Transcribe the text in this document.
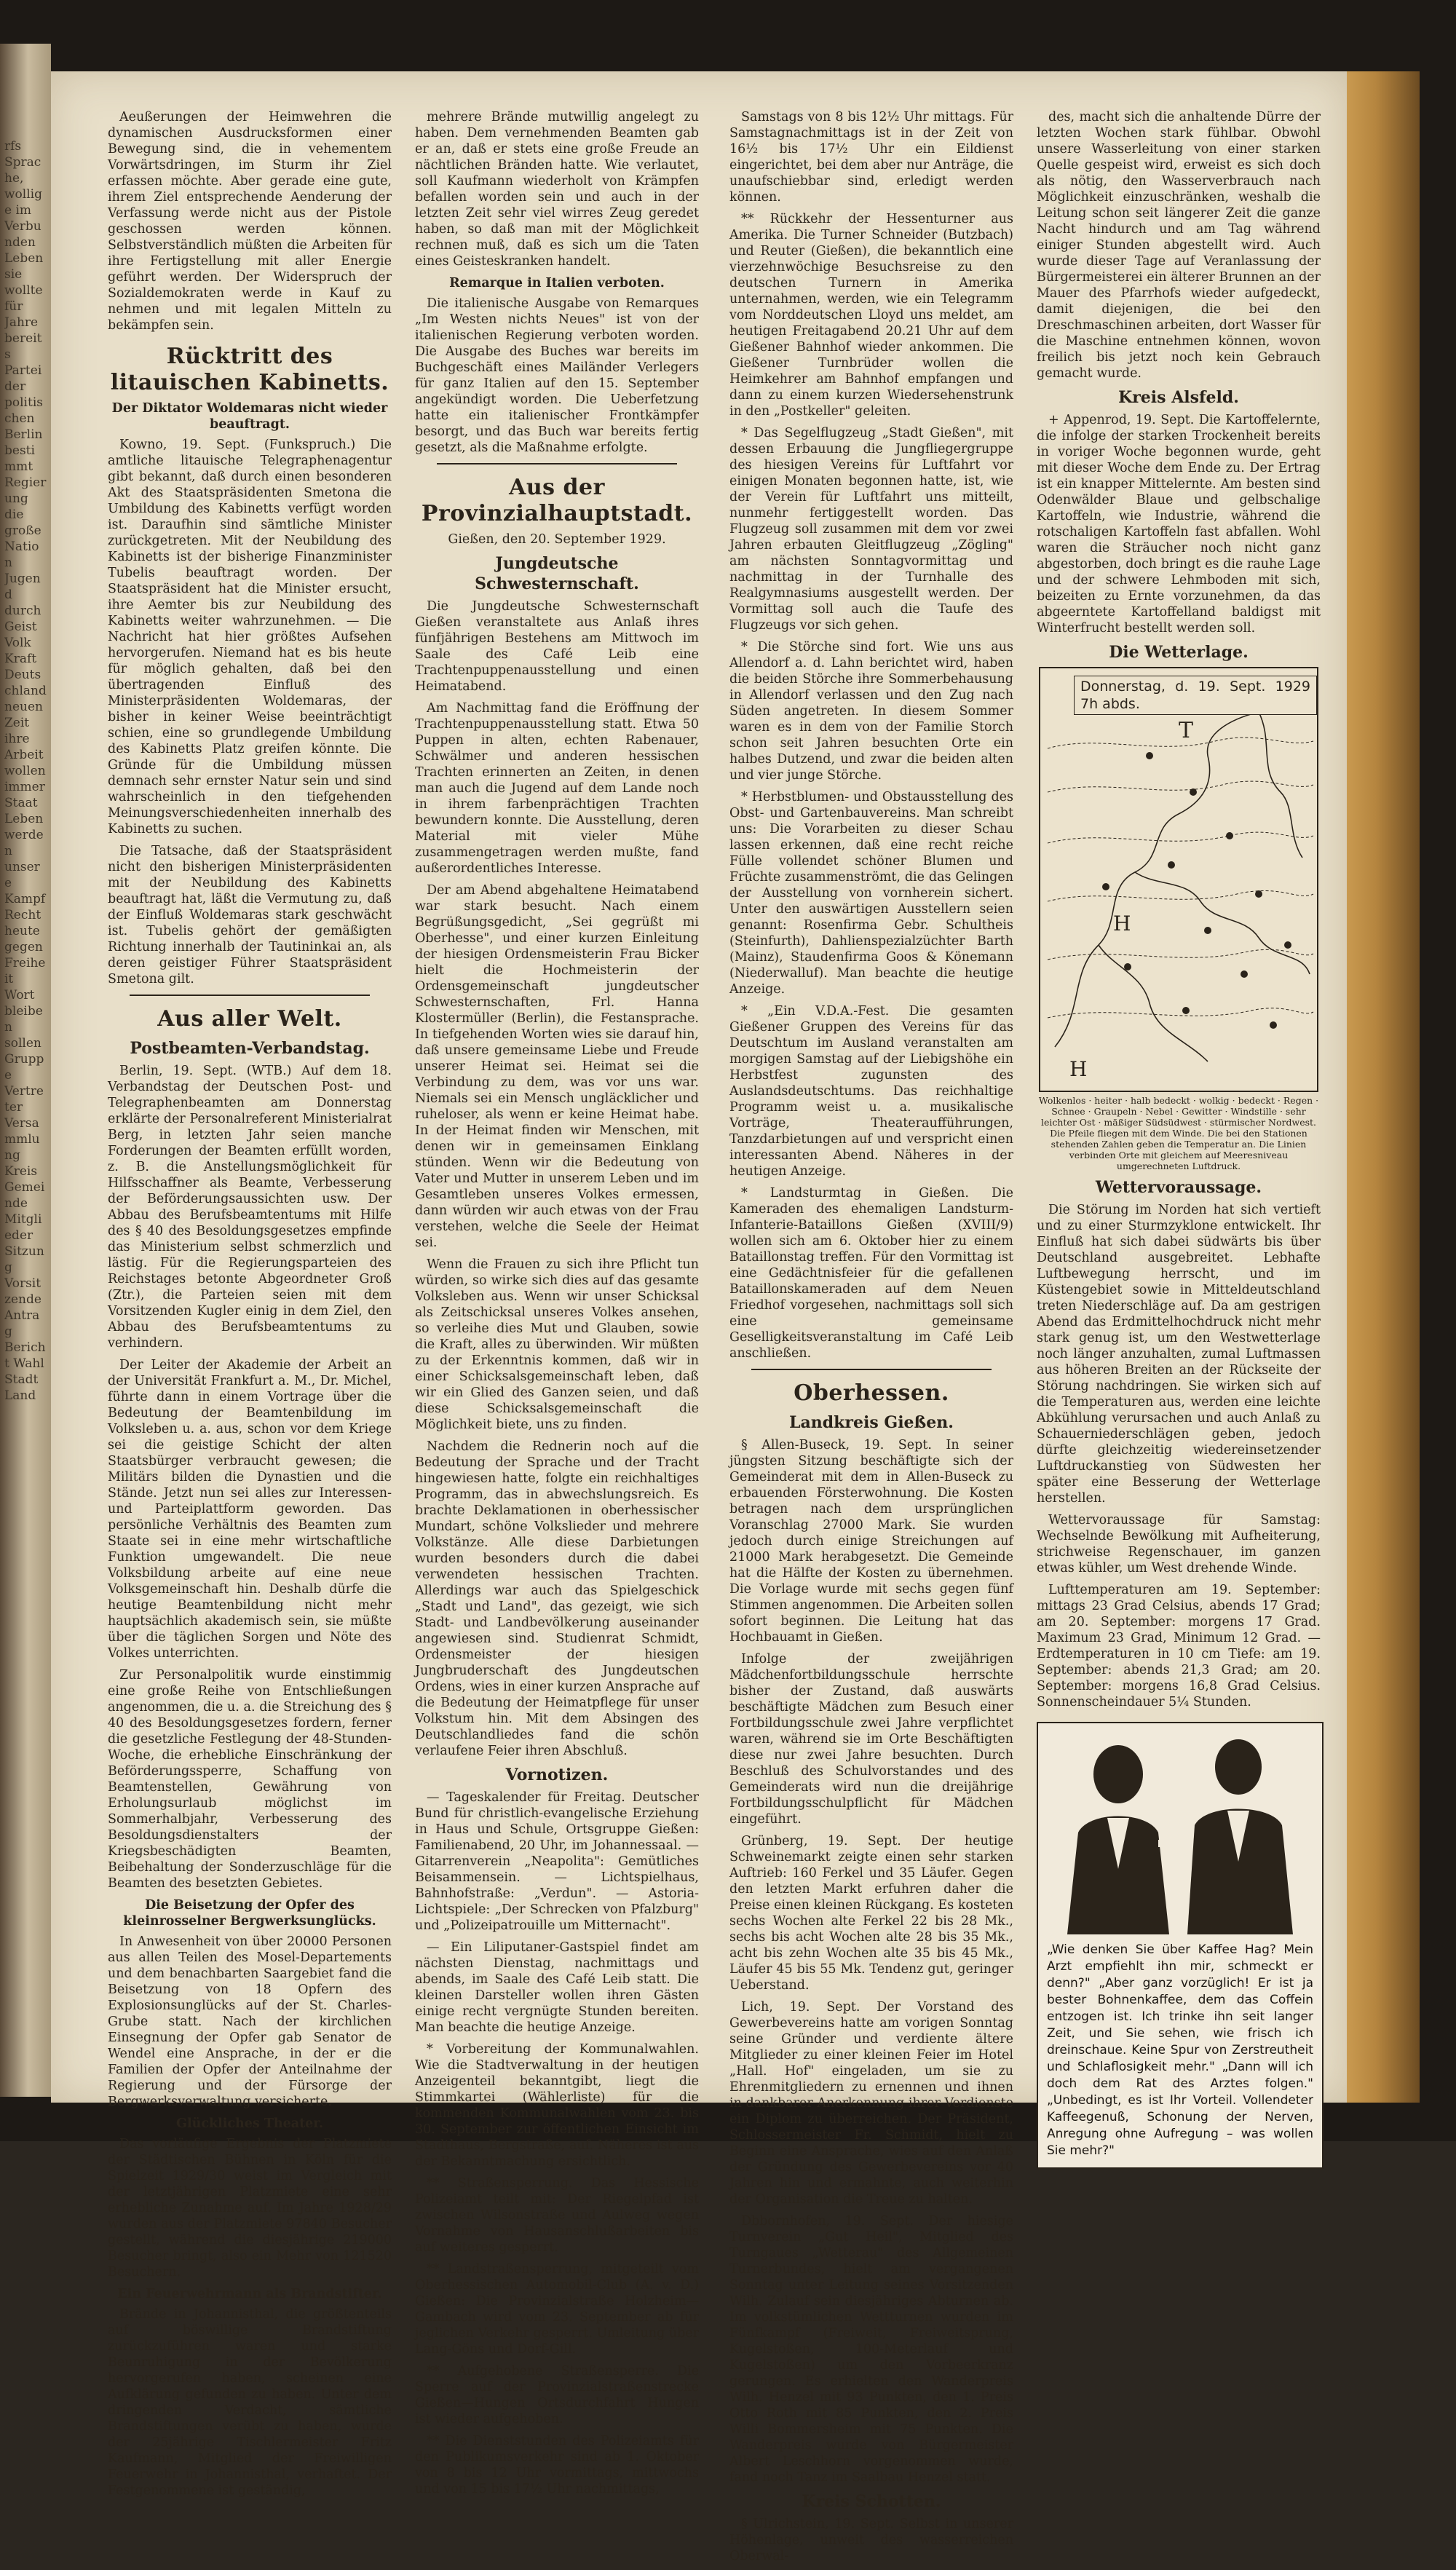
rfs Sprache, wollige im Verbunden Leben sie wollte für Jahre bereits Partei der politischen Berlin bestimmt Regierung die große Nation Jugend durch Geist Volk Kraft Deutschland neuen Zeit ihre Arbeit wollen immer Staat Leben werden unsere Kampf Recht heute gegen Freiheit Wort bleiben sollen Gruppe Vertreter Versammlung Kreis Gemeinde Mitglieder Sitzung Vorsitzende Antrag Bericht Wahl Stadt Land

Aeußerungen der Heimwehren die dynamischen Ausdrucksformen einer Bewegung sind, die in vehementem Vorwärtsdringen, im Sturm ihr Ziel erfassen möchte. Aber gerade eine gute, ihrem Ziel entsprechende Aenderung der Verfassung werde nicht aus der Pistole geschossen werden können. Selbstverständlich müßten die Arbeiten für ihre Fertigstellung mit aller Energie geführt werden. Der Widerspruch der Sozialdemokraten werde in Kauf zu nehmen und mit legalen Mitteln zu bekämpfen sein.

Rücktritt des litauischen Kabinetts.
Der Diktator Woldemaras nicht wieder beauftragt.

Kowno, 19. Sept. (Funkspruch.) Die amtliche litauische Telegraphenagentur gibt bekannt, daß durch einen besonderen Akt des Staatspräsidenten Smetona die Umbildung des Kabinetts verfügt worden ist. Daraufhin sind sämtliche Minister zurückgetreten. Mit der Neubildung des Kabinetts ist der bisherige Finanzminister Tubelis beauftragt worden. Der Staatspräsident hat die Minister ersucht, ihre Aemter bis zur Neubildung des Kabinetts weiter wahrzunehmen. — Die Nachricht hat hier größtes Aufsehen hervorgerufen. Niemand hat es bis heute für möglich gehalten, daß bei den übertragenden Einfluß des Ministerpräsidenten Woldemaras, der bisher in keiner Weise beeinträchtigt schien, eine so grundlegende Umbildung des Kabinetts Platz greifen könnte. Die Gründe für die Umbildung müssen demnach sehr ernster Natur sein und sind wahrscheinlich in den tiefgehenden Meinungsverschiedenheiten innerhalb des Kabinetts zu suchen.

Die Tatsache, daß der Staatspräsident nicht den bisherigen Ministerpräsidenten mit der Neubildung des Kabinetts beauftragt hat, läßt die Vermutung zu, daß der Einfluß Woldemaras stark geschwächt ist. Tubelis gehört der gemäßigten Richtung innerhalb der Tautininkai an, als deren geistiger Führer Staatspräsident Smetona gilt.

Aus aller Welt.
Postbeamten-Verbandstag.

Berlin, 19. Sept. (WTB.) Auf dem 18. Verbandstag der Deutschen Post- und Telegraphenbeamten am Donnerstag erklärte der Personalreferent Ministerialrat Berg, in letzten Jahr seien manche Forderungen der Beamten erfüllt worden, z. B. die Anstellungsmöglichkeit für Hilfsschaffner als Beamte, Verbesserung der Beförderungsaussichten usw. Der Abbau des Berufsbeamtentums mit Hilfe des § 40 des Besoldungsgesetzes empfinde das Ministerium selbst schmerzlich und lästig. Für die Regierungsparteien des Reichstages betonte Abgeordneter Groß (Ztr.), die Parteien seien mit dem Vorsitzenden Kugler einig in dem Ziel, den Abbau des Berufsbeamtentums zu verhindern.

Der Leiter der Akademie der Arbeit an der Universität Frankfurt a. M., Dr. Michel, führte dann in einem Vortrage über die Bedeutung der Beamtenbildung im Volksleben u. a. aus, schon vor dem Kriege sei die geistige Schicht der alten Staatsbürger verbraucht gewesen; die Militärs bilden die Dynastien und die Stände. Jetzt nun sei alles zur Interessen- und Parteiplattform geworden. Das persönliche Verhältnis des Beamten zum Staate sei in eine mehr wirtschaftliche Funktion umgewandelt. Die neue Volksbildung arbeite auf eine neue Volksgemeinschaft hin. Deshalb dürfe die heutige Beamtenbildung nicht mehr hauptsächlich akademisch sein, sie müßte über die täglichen Sorgen und Nöte des Volkes unterrichten.

Zur Personalpolitik wurde einstimmig eine große Reihe von Entschließungen angenommen, die u. a. die Streichung des § 40 des Besoldungsgesetzes fordern, ferner die gesetzliche Festlegung der 48-Stunden-Woche, die erhebliche Einschränkung der Beförderungssperre, Schaffung von Beamtenstellen, Gewährung von Erholungsurlaub möglichst im Sommerhalbjahr, Verbesserung des Besoldungsdienstalters der Kriegsbeschädigten Beamten, Beibehaltung der Sonderzuschläge für die Beamten des besetzten Gebietes.

Die Beisetzung der Opfer des kleinrosselner Bergwerksunglücks.

In Anwesenheit von über 20000 Personen aus allen Teilen des Mosel-Departements und dem benachbarten Saargebiet fand die Beisetzung von 18 Opfern des Explosionsunglücks auf der St. Charles-Grube statt. Nach der kirchlichen Einsegnung der Opfer gab Senator de Wendel eine Ansprache, in der er die Familien der Opfer der Anteilnahme der Regierung und der Fürsorge der Bergwerksverwaltung versicherte.

Glückliches Theater.

Das vorläufige Ergebnis der Platzmiete der Städtischen Bühnen in Köln für die Spielzeit 1929/30 weist im Vergleich mit der letztjährigen Platzmiete eine sehr erhebliche Zunahme auf. Im Jahre 1928/29 wurden aus der Platzmiete 97840 Besucher gestellt, während die diesjährige 219000 Besucher bringt, also ein Mehr von 121520 Besuchern.

Ein Feuerwehrmann als Brandstifter.

Brände in Johannisthal, die größtenteils auf böswillige Brandstiftung zurückzuführen waren und starke Beunruhigung in der Bevölkerung hervorgerufen haben, scheinen eine Aufklärung gefunden zu haben. Unter dem dringenden Verdacht, sämtliche Brandstiftungen verübt zu haben, wurde der 25jährige Tischlermeister Fritz Kaufmann, Mitglied der Freiwilligen Feuerwehr in Johannisthal, verhaftet. Der Festgenommene ist geständig,

mehrere Brände mutwillig angelegt zu haben. Dem vernehmenden Beamten gab er an, daß er stets eine große Freude an nächtlichen Bränden hatte. Wie verlautet, soll Kaufmann wiederholt von Krämpfen befallen worden sein und auch in der letzten Zeit sehr viel wirres Zeug geredet haben, so daß man mit der Möglichkeit rechnen muß, daß es sich um die Taten eines Geisteskranken handelt.

Remarque in Italien verboten.

Die italienische Ausgabe von Remarques „Im Westen nichts Neues" ist von der italienischen Regierung verboten worden. Die Ausgabe des Buches war bereits im Buchgeschäft eines Mailänder Verlegers für ganz Italien auf den 15. September angekündigt worden. Die Ueberfetzung hatte ein italienischer Frontkämpfer besorgt, und das Buch war bereits fertig gesetzt, als die Maßnahme erfolgte.

Aus der Provinzialhauptstadt.
Gießen, den 20. September 1929.
Jungdeutsche Schwesternschaft.

Die Jungdeutsche Schwesternschaft Gießen veranstaltete aus Anlaß ihres fünfjährigen Bestehens am Mittwoch im Saale des Café Leib eine Trachtenpuppenausstellung und einen Heimatabend.

Am Nachmittag fand die Eröffnung der Trachtenpuppenausstellung statt. Etwa 50 Puppen in alten, echten Rabenauer, Schwälmer und anderen hessischen Trachten erinnerten an Zeiten, in denen man auch die Jugend auf dem Lande noch in ihrem farbenprächtigen Trachten bewundern konnte. Die Ausstellung, deren Material mit vieler Mühe zusammengetragen werden mußte, fand außerordentliches Interesse.

Der am Abend abgehaltene Heimatabend war stark besucht. Nach einem Begrüßungsgedicht, „Sei gegrüßt mi Oberhesse", und einer kurzen Einleitung der hiesigen Ordensmeisterin Frau Bicker hielt die Hochmeisterin der Ordensgemeinschaft jungdeutscher Schwesternschaften, Frl. Hanna Klostermüller (Berlin), die Festansprache. In tiefgehenden Worten wies sie darauf hin, daß unsere gemeinsame Liebe und Freude unserer Heimat sei. Heimat sei die Verbindung zu dem, was vor uns war. Niemals sei ein Mensch ungläcklicher und ruheloser, als wenn er keine Heimat habe. In der Heimat finden wir Menschen, mit denen wir in gemeinsamen Einklang stünden. Wenn wir die Bedeutung von Vater und Mutter in unserem Leben und im Gesamtleben unseres Volkes ermessen, dann würden wir auch etwas von der Frau verstehen, welche die Seele der Heimat sei.

Wenn die Frauen zu sich ihre Pflicht tun würden, so wirke sich dies auf das gesamte Volksleben aus. Wenn wir unser Schicksal als Zeitschicksal unseres Volkes ansehen, so verleihe dies Mut und Glauben, sowie die Kraft, alles zu überwinden. Wir müßten zu der Erkenntnis kommen, daß wir in einer Schicksalsgemeinschaft leben, daß wir ein Glied des Ganzen seien, und daß diese Schicksalsgemeinschaft die Möglichkeit biete, uns zu finden.

Nachdem die Rednerin noch auf die Bedeutung der Sprache und der Tracht hingewiesen hatte, folgte ein reichhaltiges Programm, das in abwechslungsreich. Es brachte Deklamationen in oberhessischer Mundart, schöne Volkslieder und mehrere Volkstänze. Alle diese Darbietungen wurden besonders durch die dabei verwendeten hessischen Trachten. Allerdings war auch das Spielgeschick „Stadt und Land", das gezeigt, wie sich Stadt- und Landbevölkerung auseinander angewiesen sind. Studienrat Schmidt, Ordensmeister der hiesigen Jungbruderschaft des Jungdeutschen Ordens, wies in einer kurzen Ansprache auf die Bedeutung der Heimatpflege für unser Volkstum hin. Mit dem Absingen des Deutschlandliedes fand die schön verlaufene Feier ihren Abschluß.

Vornotizen.

— Tageskalender für Freitag. Deutscher Bund für christlich-evangelische Erziehung in Haus und Schule, Ortsgruppe Gießen: Familienabend, 20 Uhr, im Johannessaal. — Gitarrenverein „Neapolita": Gemütliches Beisammensein. — Lichtspielhaus, Bahnhofstraße: „Verdun". — Astoria-Lichtspiele: „Der Schrecken von Pfalzburg" und „Polizeipatrouille um Mitternacht".

— Ein Liliputaner-Gastspiel findet am nächsten Dienstag, nachmittags und abends, im Saale des Café Leib statt. Die kleinen Darsteller wollen ihren Gästen einige recht vergnügte Stunden bereiten. Man beachte die heutige Anzeige.

* Vorbereitung der Kommunalwahlen. Wie die Stadtverwaltung in der heutigen Anzeigenteil bekanntgibt, liegt die Stimmkartei (Wählerliste) für die kommenden Kommunalwahlen vom 23. bis 30. September zur öffentlichen Einsicht im Stadthaus, Bergstraße, auf. Näheres ist aus der Bekanntmachung ersichtlich.

** Straßensperrung. Das Hessische Polizeiamt teilt mit: Der Riegelpfad ist zwischen Wilsonstraße und Aulweg wegen Vornahme von Hausanschlußarbeiten bis auf weiteres gesperrt.

** Landstraßensperrung, mitgeteilt vom Oberhessischen Automobil-Club (A. v. D.) Gießen: Die Provinzialstraße Holzheim—Gambach wird vom 23. September ab für jeglichen Verkehr gesperrt. Umleitung über Lang-Göns und Dorf-Gill.

** Aufgehobene Straßensperre. Die Sperre auf der Provinzialstraßenstrecke Gießen—Hungen Ortsdurchfahrt Hungen ist wieder aufgehoben.

** Die Dienststunden des Polizeiamts für den Publikumsverkehr sind ab 1. Oktober von 8 bis 12 Uhr vormittags, mittwochs und von 15 bis 17½ Uhr nachmittags,

Samstags von 8 bis 12½ Uhr mittags. Für Samstagnachmittags ist in der Zeit von 16½ bis 17½ Uhr ein Eildienst eingerichtet, bei dem aber nur Anträge, die unaufschiebbar sind, erledigt werden können.

** Rückkehr der Hessenturner aus Amerika. Die Turner Schneider (Butzbach) und Reuter (Gießen), die bekanntlich eine vierzehnwöchige Besuchsreise zu den deutschen Turnern in Amerika unternahmen, werden, wie ein Telegramm vom Norddeutschen Lloyd uns meldet, am heutigen Freitagabend 20.21 Uhr auf dem Gießener Bahnhof wieder ankommen. Die Gießener Turnbrüder wollen die Heimkehrer am Bahnhof empfangen und dann zu einem kurzen Wiedersehenstrunk in den „Postkeller" geleiten.

* Das Segelflugzeug „Stadt Gießen", mit dessen Erbauung die Jungfliegergruppe des hiesigen Vereins für Luftfahrt vor einigen Monaten begonnen hatte, ist, wie der Verein für Luftfahrt uns mitteilt, nunmehr fertiggestellt worden. Das Flugzeug soll zusammen mit dem vor zwei Jahren erbauten Gleitflugzeug „Zögling" am nächsten Sonntagvormittag und nachmittag in der Turnhalle des Realgymnasiums ausgestellt werden. Der Vormittag soll auch die Taufe des Flugzeugs vor sich gehen.

* Die Störche sind fort. Wie uns aus Allendorf a. d. Lahn berichtet wird, haben die beiden Störche ihre Sommerbehausung in Allendorf verlassen und den Zug nach Süden angetreten. In diesem Sommer waren es in dem von der Familie Storch schon seit Jahren besuchten Orte ein halbes Dutzend, und zwar die beiden alten und vier junge Störche.

* Herbstblumen- und Obstausstellung des Obst- und Gartenbauvereins. Man schreibt uns: Die Vorarbeiten zu dieser Schau lassen erkennen, daß eine recht reiche Fülle vollendet schöner Blumen und Früchte zusammenströmt, die das Gelingen der Ausstellung von vornherein sichert. Unter den auswärtigen Ausstellern seien genannt: Rosenfirma Gebr. Schultheis (Steinfurth), Dahlienspezialzüchter Barth (Mainz), Staudenfirma Goos & Könemann (Niederwalluf). Man beachte die heutige Anzeige.

* „Ein V.D.A.-Fest. Die gesamten Gießener Gruppen des Vereins für das Deutschtum im Ausland veranstalten am morgigen Samstag auf der Liebigshöhe ein Herbstfest zugunsten des Auslandsdeutschtums. Das reichhaltige Programm weist u. a. musikalische Vorträge, Theateraufführungen, Tanzdarbietungen auf und verspricht einen interessanten Abend. Näheres in der heutigen Anzeige.

* Landsturmtag in Gießen. Die Kameraden des ehemaligen Landsturm-Infanterie-Bataillons Gießen (XVIII/9) wollen sich am 6. Oktober hier zu einem Bataillonstag treffen. Für den Vormittag ist eine Gedächtnisfeier für die gefallenen Bataillonskameraden auf dem Neuen Friedhof vorgesehen, nachmittags soll sich eine gemeinsame Geselligkeitsveranstaltung im Café Leib anschließen.

Oberhessen.
Landkreis Gießen.

§ Allen-Buseck, 19. Sept. In seiner jüngsten Sitzung beschäftigte sich der Gemeinderat mit dem in Allen-Buseck zu erbauenden Försterwohnung. Die Kosten betragen nach dem ursprünglichen Voranschlag 27000 Mark. Sie wurden jedoch durch einige Streichungen auf 21000 Mark herabgesetzt. Die Gemeinde hat die Hälfte der Kosten zu übernehmen. Die Vorlage wurde mit sechs gegen fünf Stimmen angenommen. Die Arbeiten sollen sofort beginnen. Die Leitung hat das Hochbauamt in Gießen.

Infolge der zweijährigen Mädchenfortbildungsschule herrschte bisher der Zustand, daß auswärts beschäftigte Mädchen zum Besuch einer Fortbildungsschule zwei Jahre verpflichtet waren, während sie im Orte Beschäftigten diese nur zwei Jahre besuchten. Durch Beschluß des Schulvorstandes und des Gemeinderats wird nun die dreijährige Fortbildungsschulpflicht für Mädchen eingeführt.

Grünberg, 19. Sept. Der heutige Schweinemarkt zeigte einen sehr starken Auftrieb: 160 Ferkel und 35 Läufer. Gegen den letzten Markt erfuhren daher die Preise einen kleinen Rückgang. Es kosteten sechs Wochen alte Ferkel 22 bis 28 Mk., sechs bis acht Wochen alte 28 bis 35 Mk., acht bis zehn Wochen alte 35 bis 45 Mk., Läufer 45 bis 55 Mk. Tendenz gut, geringer Ueberstand.

Lich, 19. Sept. Der Vorstand des Gewerbevereins hatte am vorigen Sonntag seine Gründer und verdiente ältere Mitglieder zu einer kleinen Feier im Hotel „Hall. Hof" eingeladen, um sie zu Ehrenmitgliedern zu ernennen und ihnen in dankbarer Anerkennung ihrer Verdienste ein Diplom zu überreichen. Der Präsident, Schlossermeister Fr. Schmidt, hielt zu Beginn eine Ansprache, wies auf den Anlaß der Gründung des Gewerbevereins vor 40 Jahren hin und ermahnte, auch weiterhin der Organisation die Treue zu halten.

Dbbornhofen, 19. Sept. Der hiesige Turnverein „Gut Heil", Mitglied des Turngaues „Wetterau" des Allgemeinen Turnerbundes, hielt am vergangenen Sonntag unter Leitung seines Vorsitzenden Wilh. Zulauf sein diesjähriges Abturnen ab. Im volkstümlichen Wettturnen wurden im Fünfkampf (Freiweit, Freiweitsprung, Kugelstoßen, 100-Meterlauf und Kugelstoßen) um den Vorbeerkranz gerungen. Es erhielten den Wanderpreis Wilh. Henzel mit 93 Punkten, den 1. Preis Otto Roth mit 85 Punkten, den 2. Preis Willi Bommersheim mit 75 Punkten. Die Wanderpreis wurde von Bürgermeister Albert Leschhorn vorgenommen wurde, fand noch Tanz im Saalbau Henzel statt.

Kreis Schotten.

§ Ulrichstein, 19. Sept. Selbst in unserer Höhenlage, unweit des wasserreichen Oberwal-

des, macht sich die anhaltende Dürre der letzten Wochen stark fühlbar. Obwohl unsere Wasserleitung von einer starken Quelle gespeist wird, erweist es sich doch als nötig, den Wasserverbrauch nach Möglichkeit einzuschränken, weshalb die Leitung schon seit längerer Zeit die ganze Nacht hindurch und am Tag während einiger Stunden abgestellt wird. Auch wurde dieser Tage auf Veranlassung der Bürgermeisterei ein älterer Brunnen an der Mauer des Pfarrhofs wieder aufgedeckt, damit diejenigen, die bei den Dreschmaschinen arbeiten, dort Wasser für die Maschine entnehmen können, wovon freilich bis jetzt noch kein Gebrauch gemacht wurde.

Kreis Alsfeld.

+ Appenrod, 19. Sept. Die Kartoffelernte, die infolge der starken Trockenheit bereits in voriger Woche begonnen wurde, geht mit dieser Woche dem Ende zu. Der Ertrag ist ein knapper Mittelernte. Am besten sind Odenwälder Blaue und gelbschalige Kartoffeln, wie Industrie, während die rotschaligen Kartoffeln fast abfallen. Wohl waren die Sträucher noch nicht ganz abgestorben, doch bringt es die rauhe Lage und der schwere Lehmboden mit sich, beizeiten zu Ernte vorzunehmen, da das abgeerntete Kartoffelland baldigst mit Winterfrucht bestellt werden soll.

Die Wetterlage.
T
H
H
Donnerstag, d. 19. Sept. 1929 7h abds.
Wolkenlos · heiter · halb bedeckt · wolkig · bedeckt · Regen · Schnee · Graupeln · Nebel · Gewitter · Windstille · sehr leichter Ost · mäßiger Südsüdwest · stürmischer Nordwest. Die Pfeile fliegen mit dem Winde. Die bei den Stationen stehenden Zahlen geben die Temperatur an. Die Linien verbinden Orte mit gleichem auf Meeresniveau umgerechneten Luftdruck.
Wettervoraussage.

Die Störung im Norden hat sich vertieft und zu einer Sturmzyklone entwickelt. Ihr Einfluß hat sich dabei südwärts bis über Deutschland ausgebreitet. Lebhafte Luftbewegung herrscht, und im Küstengebiet sowie in Mitteldeutschland treten Niederschläge auf. Da am gestrigen Abend das Erdmittelhochdruck nicht mehr stark genug ist, um den Westwetterlage noch länger anzuhalten, zumal Luftmassen aus höheren Breiten an der Rückseite der Störung nachdringen. Sie wirken sich auf die Temperaturen aus, werden eine leichte Abkühlung verursachen und auch Anlaß zu Schauerniederschlägen geben, jedoch dürfte gleichzeitig wiedereinsetzender Luftdruckanstieg von Südwesten her später eine Besserung der Wetterlage herstellen.

Wettervoraussage für Samstag: Wechselnde Bewölkung mit Aufheiterung, strichweise Regenschauer, im ganzen etwas kühler, um West drehende Winde.

Lufttemperaturen am 19. September: mittags 23 Grad Celsius, abends 17 Grad; am 20. September: morgens 17 Grad. Maximum 23 Grad, Minimum 12 Grad. — Erdtemperaturen in 10 cm Tiefe: am 19. September: abends 21,3 Grad; am 20. September: morgens 16,8 Grad Celsius. Sonnenscheindauer 5¼ Stunden.

„Wie denken Sie über Kaffee Hag? Mein Arzt empfiehlt ihn mir, schmeckt er denn?" „Aber ganz vorzüglich! Er ist ja bester Bohnenkaffee, dem das Coffein entzogen ist. Ich trinke ihn seit langer Zeit, und Sie sehen, wie frisch ich dreinschaue. Keine Spur von Zerstreutheit und Schlaflosigkeit mehr." „Dann will ich doch dem Rat des Arztes folgen." „Unbedingt, es ist Ihr Vorteil. Vollendeter Kaffeegenuß, Schonung der Nerven, Anregung ohne Aufregung – was wollen Sie mehr?"
